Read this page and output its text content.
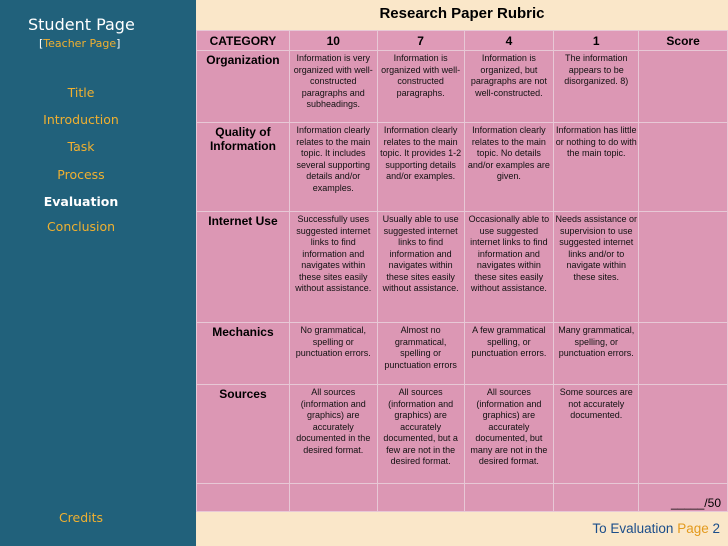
Student Page
[Teacher Page]
Title
Introduction
Task
Process
Evaluation
Conclusion
Credits
Research Paper Rubric
CATEGORY	10	7	4	1	Score
Organization	Information is very organized with well-constructed paragraphs and subheadings.	Information is organized with well-constructed paragraphs.	Information is organized, but paragraphs are not well-constructed.	The information appears to be disorganized. 8)	
Quality of Information	Information clearly relates to the main topic. It includes several supporting details and/or examples.	Information clearly relates to the main topic. It provides 1-2 supporting details and/or examples.	Information clearly relates to the main topic. No details and/or examples are given.	Information has little or nothing to do with the main topic.	
Internet Use	Successfully uses suggested internet links to find information and navigates within these sites easily without assistance.	Usually able to use suggested internet links to find information and navigates within these sites easily without assistance.	Occasionally able to use suggested internet links to find information and navigates within these sites easily without assistance.	Needs assistance or supervision to use suggested internet links and/or to navigate within these sites.	
Mechanics	No grammatical, spelling or punctuation errors.	Almost no grammatical, spelling or punctuation errors	A few grammatical spelling, or punctuation errors.	Many grammatical, spelling, or punctuation errors.	
Sources	All sources (information and graphics) are accurately documented in the desired format.	All sources (information and graphics) are accurately documented, but a few are not in the desired format.	All sources (information and graphics) are accurately documented, but many are not in the desired format.	Some sources are not accurately documented.	
					_____/50
To Evaluation Page 2
